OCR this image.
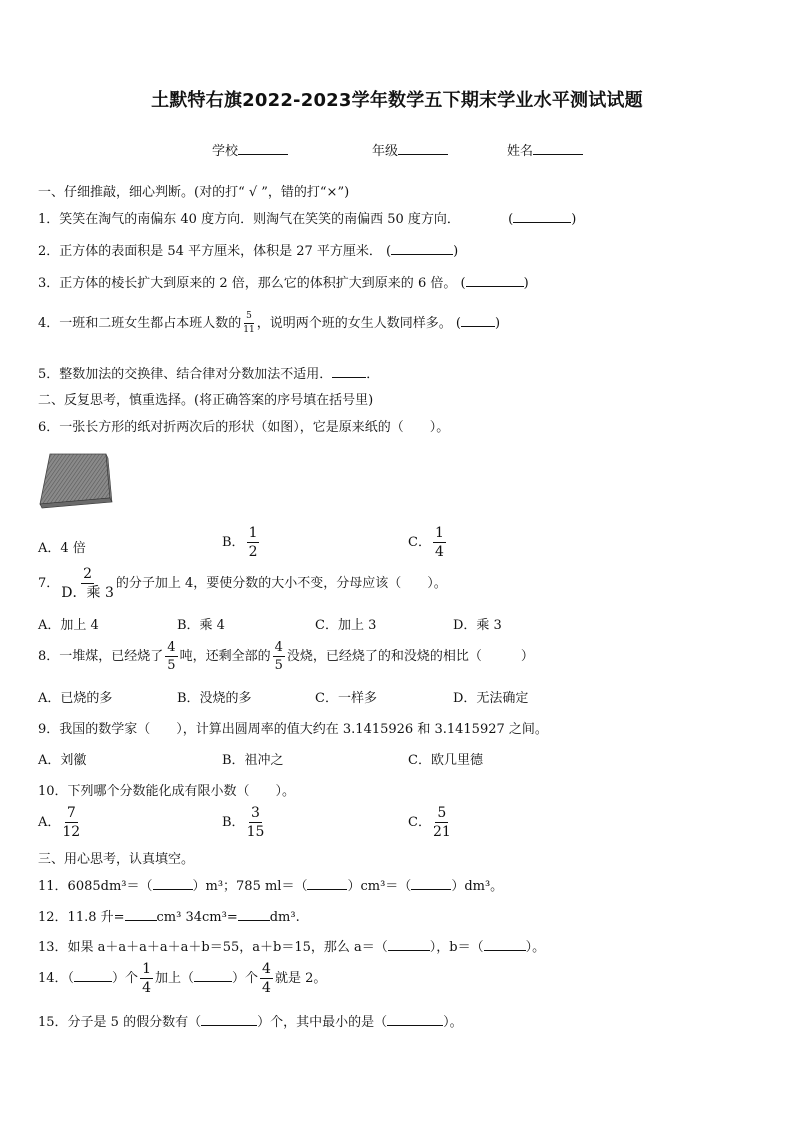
土默特右旗2022-2023学年数学五下期末学业水平测试试题
学校	年级	姓名
一、仔细推敲，细心判断。(对的打“ √ ”，错的打“×”)
1．笑笑在淘气的南偏东 40 度方向．则淘气在笑笑的南偏西 50 度方向．	(	)
2．正方体的表面积是 54 平方厘米，体积是 27 平方厘米． (	)
3．正方体的棱长扩大到原来的 2 倍，那么它的体积扩大到原来的 6 倍。 (	)
4．一班和二班女生都占本班人数的 $\frac{5}{11}$ ，说明两个班的女生人数同样多。 (	)
5．整数加法的交换律、结合律对分数加法不适用．	．
二、反复思考，慎重选择。(将正确答案的序号填在括号里)
6．一张长方形的纸对折两次后的形状（如图），它是原来纸的（　　）。
A．4 倍	B． $\frac{1}{2}$	C． $\frac{1}{4}$
7． $\frac{2}{\text{D．乘 3}}$ 的分子加上 4，要使分数的大小不变，分母应该（　　）。
A．加上 4	B．乘 4	C．加上 3	D．乘 3
8．一堆煤，已经烧了 $\frac{4}{5}$ 吨，还剩全部的 $\frac{4}{5}$ 没烧，已经烧了的和没烧的相比（　　　）
A．已烧的多	B．没烧的多	C．一样多	D．无法确定
9．我国的数学家（　　），计算出圆周率的值大约在 3.1415926 和 3.1415927 之间。
A．刘徽	B．祖冲之	C．欧几里德
10．下列哪个分数能化成有限小数（　　）。
A． $\frac{7}{12}$	B． $\frac{3}{15}$	C． $\frac{5}{21}$
三、用心思考，认真填空。
11．6085dm³＝（	）m³；785 ml＝（	）cm³＝（	）dm³。
12．11.8 升= cm³ 34cm³= dm³.
13．如果 a＋a＋a＋a＋a＋b＝55，a＋b＝15，那么 a＝（	），b＝（	）。
14．（	）个 $\frac{1}{4}$ 加上（	）个 $\frac{4}{4}$ 就是 2。
15．分子是 5 的假分数有（	）个，其中最小的是（	）。
